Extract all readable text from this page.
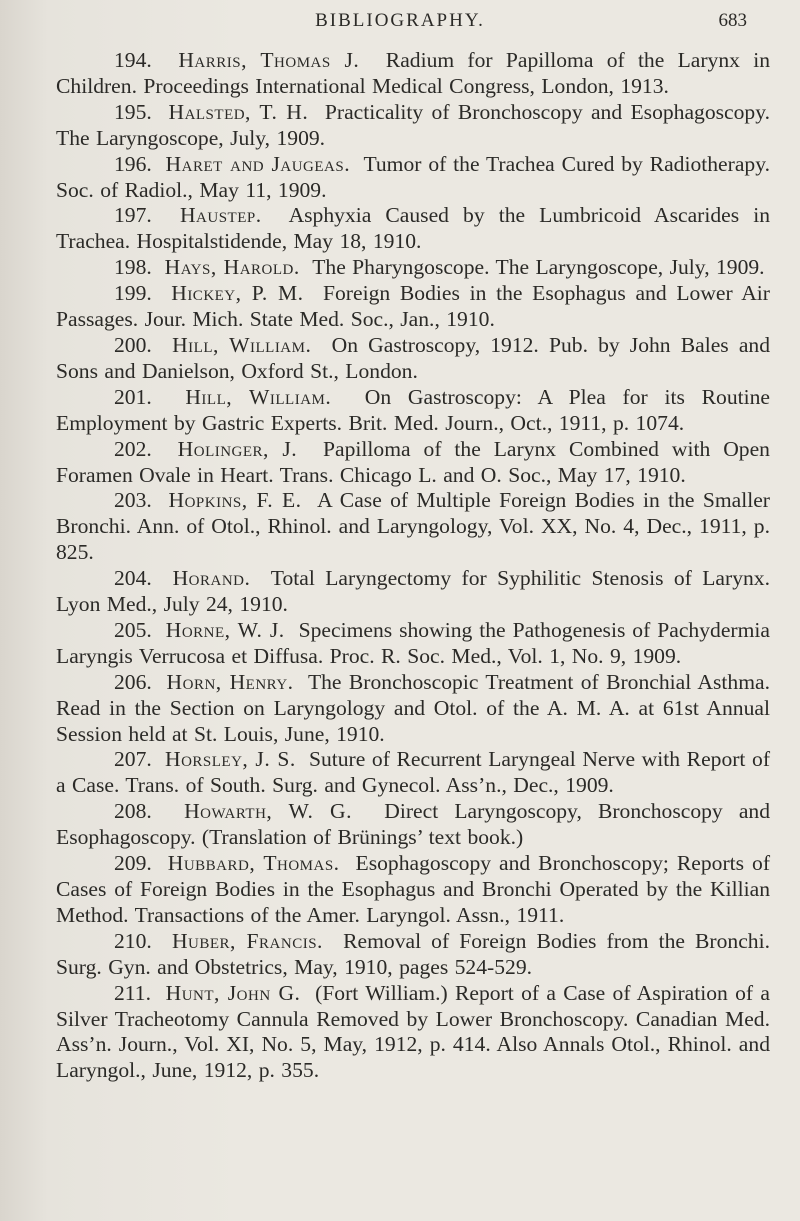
BIBLIOGRAPHY.	683

194. Harris, Thomas J. Radium for Papilloma of the Larynx in Children. Proceedings International Medical Congress, London, 1913.

195. Halsted, T. H. Practicality of Bronchoscopy and Esophagoscopy. The Laryngoscope, July, 1909.

196. Haret and Jaugeas. Tumor of the Trachea Cured by Radiotherapy. Soc. of Radiol., May 11, 1909.

197. Haustep. Asphyxia Caused by the Lumbricoid Ascarides in Trachea. Hospitalstidende, May 18, 1910.

198. Hays, Harold. The Pharyngoscope. The Laryngoscope, July, 1909.

199. Hickey, P. M. Foreign Bodies in the Esophagus and Lower Air Passages. Jour. Mich. State Med. Soc., Jan., 1910.

200. Hill, William. On Gastroscopy, 1912. Pub. by John Bales and Sons and Danielson, Oxford St., London.

201. Hill, William. On Gastroscopy: A Plea for its Routine Employment by Gastric Experts. Brit. Med. Journ., Oct., 1911, p. 1074.

202. Holinger, J. Papilloma of the Larynx Combined with Open Foramen Ovale in Heart. Trans. Chicago L. and O. Soc., May 17, 1910.

203. Hopkins, F. E. A Case of Multiple Foreign Bodies in the Smaller Bronchi. Ann. of Otol., Rhinol. and Laryngology, Vol. XX, No. 4, Dec., 1911, p. 825.

204. Horand. Total Laryngectomy for Syphilitic Stenosis of Larynx. Lyon Med., July 24, 1910.

205. Horne, W. J. Specimens showing the Pathogenesis of Pachydermia Laryngis Verrucosa et Diffusa. Proc. R. Soc. Med., Vol. 1, No. 9, 1909.

206. Horn, Henry. The Bronchoscopic Treatment of Bronchial Asthma. Read in the Section on Laryngology and Otol. of the A. M. A. at 61st Annual Session held at St. Louis, June, 1910.

207. Horsley, J. S. Suture of Recurrent Laryngeal Nerve with Report of a Case. Trans. of South. Surg. and Gynecol. Ass’n., Dec., 1909.

208. Howarth, W. G. Direct Laryngoscopy, Bronchoscopy and Esophagoscopy. (Translation of Brünings’ text book.)

209. Hubbard, Thomas. Esophagoscopy and Bronchoscopy; Reports of Cases of Foreign Bodies in the Esophagus and Bronchi Operated by the Killian Method. Transactions of the Amer. Laryngol. Assn., 1911.

210. Huber, Francis. Removal of Foreign Bodies from the Bronchi. Surg. Gyn. and Obstetrics, May, 1910, pages 524-529.

211. Hunt, John G. (Fort William.) Report of a Case of Aspiration of a Silver Tracheotomy Cannula Removed by Lower Bronchoscopy. Canadian Med. Ass’n. Journ., Vol. XI, No. 5, May, 1912, p. 414. Also Annals Otol., Rhinol. and Laryngol., June, 1912, p. 355.
